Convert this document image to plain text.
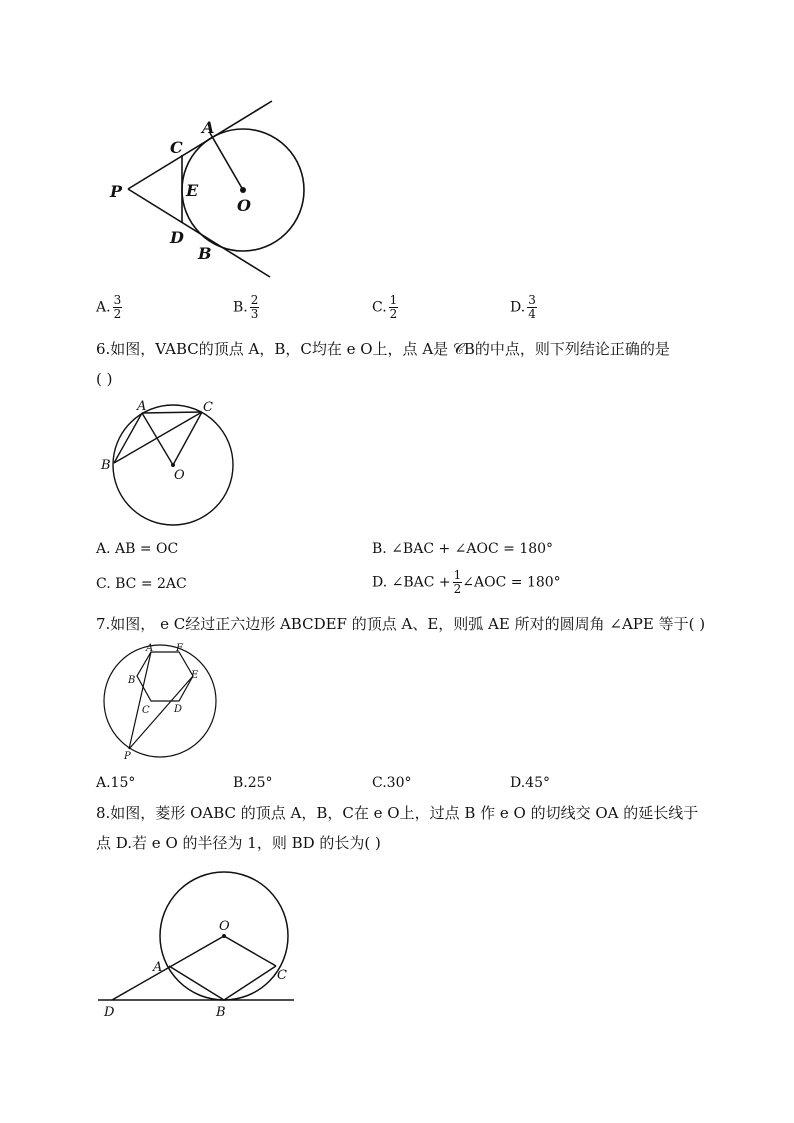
A
C
P	E
O
D
B
A. $\frac{3}{2}$	B. $\frac{2}{3}$	C. $\frac{1}{2}$	D. $\frac{3}{4}$
6.如图，VABC的顶点 A，B，C均在 e O上，点 A是 𝒞B的中点，则下列结论正确的是
( )
A	C
B
O
A. AB = OC	B. ∠BAC + ∠AOC = 180°
C. BC = 2AC	D. ∠BAC + $\frac{1}{2}$ ∠AOC = 180°
7.如图， e C经过正六边形 ABCDEF 的顶点 A、E，则弧 AE 所对的圆周角 ∠APE 等于( )
A F
B	E
C D
P
A.15°	B.25°	C.30°	D.45°
8.如图，菱形 OABC 的顶点 A，B，C在 e O上，过点 B 作 e O 的切线交 OA 的延长线于
点 D.若 e O 的半径为 1，则 BD 的长为( )
O
A
C
D	B
